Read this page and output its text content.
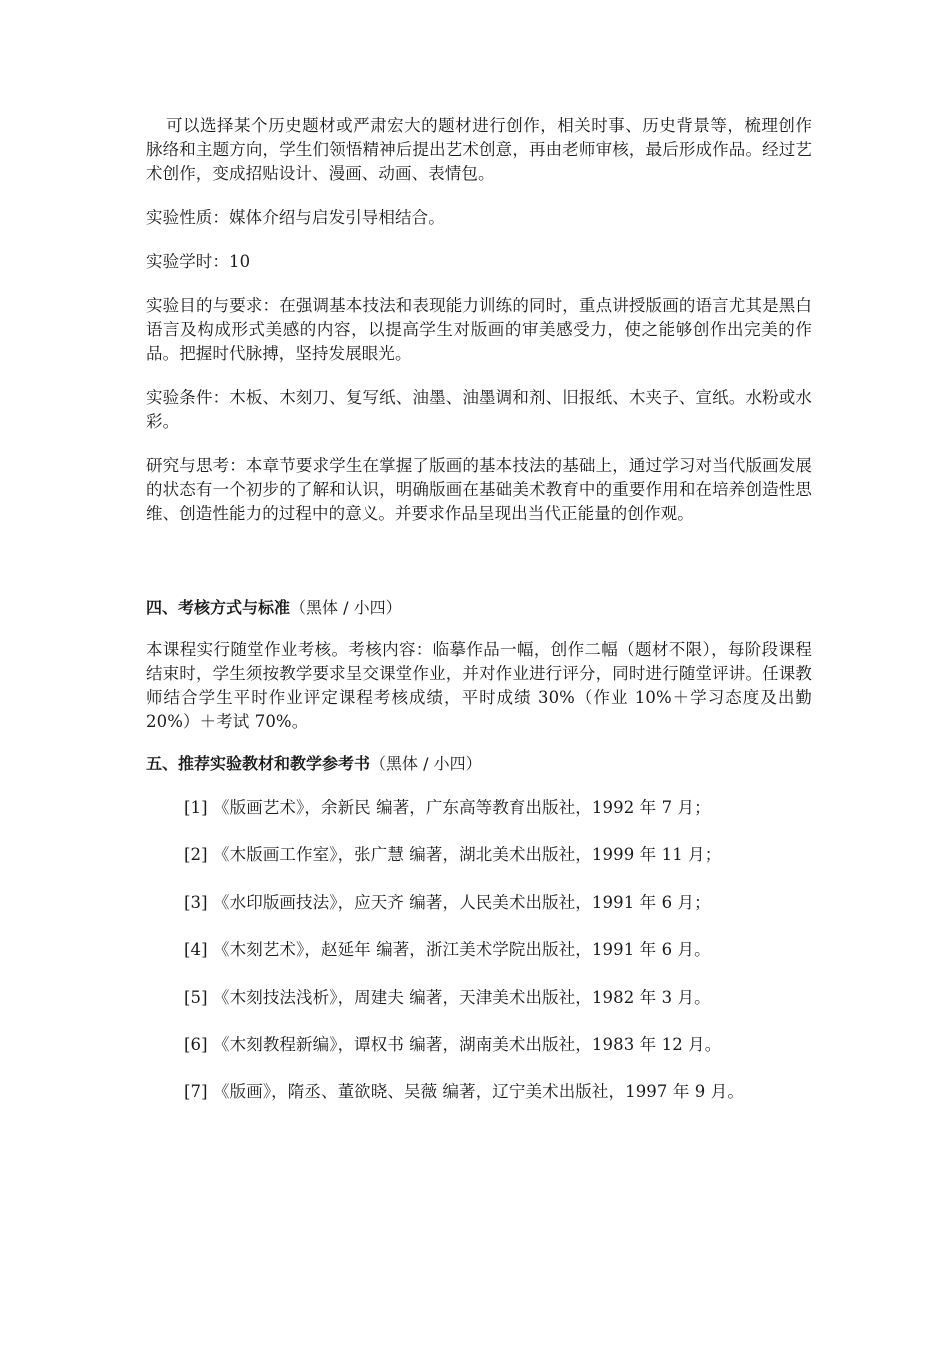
可以选择某个历史题材或严肃宏大的题材进行创作，相关时事、历史背景等，梳理创作脉络和主题方向，学生们领悟精神后提出艺术创意，再由老师审核，最后形成作品。经过艺术创作，变成招贴设计、漫画、动画、表情包。

实验性质：媒体介绍与启发引导相结合。

实验学时：10

实验目的与要求：在强调基本技法和表现能力训练的同时，重点讲授版画的语言尤其是黑白语言及构成形式美感的内容，以提高学生对版画的审美感受力，使之能够创作出完美的作品。把握时代脉搏，坚持发展眼光。

实验条件：木板、木刻刀、复写纸、油墨、油墨调和剂、旧报纸、木夹子、宣纸。水粉或水彩。

研究与思考：本章节要求学生在掌握了版画的基本技法的基础上，通过学习对当代版画发展的状态有一个初步的了解和认识，明确版画在基础美术教育中的重要作用和在培养创造性思维、创造性能力的过程中的意义。并要求作品呈现出当代正能量的创作观。

四、考核方式与标准（黑体 / 小四）

本课程实行随堂作业考核。考核内容：临摹作品一幅，创作二幅（题材不限），每阶段课程结束时，学生须按教学要求呈交课堂作业，并对作业进行评分，同时进行随堂评讲。任课教师结合学生平时作业评定课程考核成绩，平时成绩 30%（作业 10%＋学习态度及出勤 20%）＋考试 70%。

五、推荐实验教材和教学参考书（黑体 / 小四）

[1] 《版画艺术》，余新民 编著，广东高等教育出版社，1992 年 7 月；

[2] 《木版画工作室》，张广慧 编著，湖北美术出版社，1999 年 11 月；

[3] 《水印版画技法》，应天齐 编著，人民美术出版社，1991 年 6 月；

[4] 《木刻艺术》，赵延年 编著，浙江美术学院出版社，1991 年 6 月。

[5] 《木刻技法浅析》，周建夫 编著，天津美术出版社，1982 年 3 月。

[6] 《木刻教程新编》，谭权书 编著，湖南美术出版社，1983 年 12 月。

[7] 《版画》，隋丞、董欲晓、吴薇 编著，辽宁美术出版社，1997 年 9 月。
